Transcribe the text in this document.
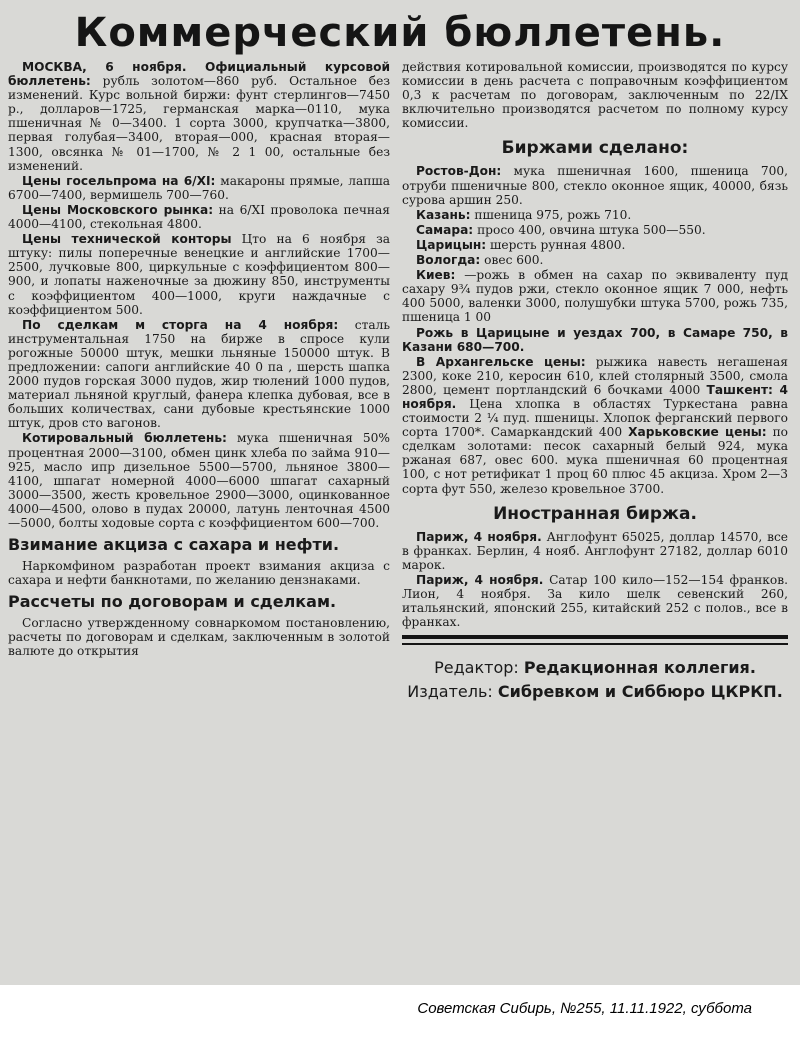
Коммерческий бюллетень.
МОСКВА, 6 ноября. Официальный курсовой бюллетень: рубль золотом—860 руб. Остальное без изменений. Курс вольной биржи: фунт стерлингов—7450 р., долларов—1725, германская марка—0110, мука пшеничная № 0—3400. 1 сорта 3000, крупчатка—3800, первая голубая—3400, вторая—000, красная вторая—1300, овсянка № 01—1700, № 2 1 00, остальные без изменений.
Цены госельпрома на 6/XI: макароны прямые, лапша 6700—7400, вермишель 700—760.
Цены Московского рынка: на 6/XI проволока печная 4000—4100, стекольная 4800.
Цены технической конторы Цто на 6 ноября за штуку: пилы поперечные венецкие и английские 1700—2500, лучковые 800, циркульные с коэффициентом 800—900, и лопаты наженочные за дюжину 850, инструменты с коэффициентом 400—1000, круги наждачные с коэффициентом 500.
По сделкам м сторга на 4 ноября: сталь инструментальная 1750 на бирже в спросе кули рогожные 50000 штук, мешки льняные 150000 штук. В предложении: сапоги английские 40 0 па , шерсть шапка 2000 пудов горская 3000 пудов, жир тюлений 1000 пудов, материал льняной круглый, фанера клепка дубовая, все в больших количествах, сани дубовые крестьянские 1000 штук, дров сто вагонов.
Котировальный бюллетень: мука пшеничная 50% процентная 2000—3100, обмен цинк хлеба по займа 910—925, масло ипр дизельное 5500—5700, льняное 3800—4100, шпагат номерной 4000—6000 шпагат сахарный 3000—3500, жесть кровельное 2900—3000, оцинкованное 4000—4500, олово в пудах 20000, латунь ленточная 4500—5000, болты ходовые сорта с коэффициентом 600—700.
Взимание акциза с сахара и нефти.
Наркомфином разработан проект взимания акциза с сахара и нефти банкнотами, по желанию дензнаками.
Рассчеты по договорам и сделкам.
Согласно утвержденному совнаркомом постановлению, расчеты по договорам и сделкам, заключенным в золотой валюте до открытия
действия котировальной комиссии, производятся по курсу комиссии в день расчета с поправочным коэффициентом 0,3 к расчетам по договорам, заключенным по 22/IX включительно производятся расчетом по полному курсу комиссии.
Биржами сделано:
Ростов-Дон: мука пшеничная 1600, пшеница 700, отруби пшеничные 800, стекло оконное ящик, 40000, бязь сурова аршин 250.
Казань: пшеница 975, рожь 710.
Самара: просо 400, овчина штука 500—550.
Царицын: шерсть рунная 4800.
Вологда: овес 600.
Киев: —рожь в обмен на сахар по эквиваленту пуд сахару 9¾ пудов ржи, стекло оконное ящик 7 000, нефть 400 5000, валенки 3000, полушубки штука 5700, рожь 735, пшеница 1 00
Рожь в Царицыне и уездах 700, в Самаре 750, в Казани 680—700.
В Архангельске цены: рыжика навесть негашеная 2300, коке 210, керосин 610, клей столярный 3500, смола 2800, цемент портландский 6 бочками 4000 Ташкент: 4 ноября. Цена хлопка в областях Туркестана равна стоимости 2 ¼ пуд. пшеницы. Хлопок ферганский первого сорта 1700*. Самаркандский 400 Харьковские цены: по сделкам золотами: песок сахарный белый 924, мука ржаная 687, овес 600. мука пшеничная 60 процентная 100, с нот ретификат 1 проц 60 плюс 45 акциза. Хром 2—3 сорта фут 550, железо кровельное 3700.
Иностранная биржа.
Париж, 4 ноября. Англофунт 65025, доллар 14570, все в франках. Берлин, 4 нояб. Англофунт 27182, доллар 6010 марок.
Париж, 4 ноября. Сатар 100 кило—152—154 франков. Лион, 4 ноября. За кило шелк севенский 260, итальянский, японский 255, китайский 252 с полов., все в франках.
Редактор: Редакционная коллегия.
Издатель: Сибревком и Сиббюро ЦКРКП.
Советская Сибирь, №255, 11.11.1922, суббота
